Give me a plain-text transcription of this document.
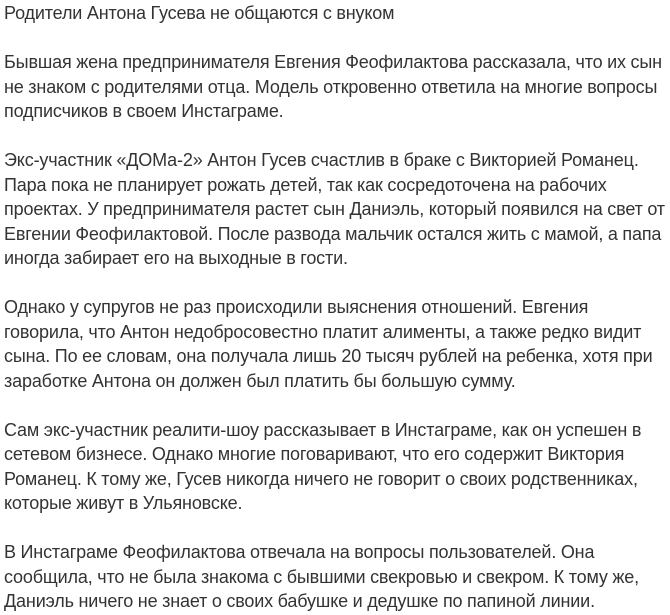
Родители Антона Гусева не общаются с внуком

Бывшая жена предпринимателя Евгения Феофилактова рассказала, что их сын не знаком с родителями отца. Модель откровенно ответила на многие вопросы подписчиков в своем Инстаграме.

Экс-участник «ДОМа-2» Антон Гусев счастлив в браке с Викторией Романец. Пара пока не планирует рожать детей, так как сосредоточена на рабочих проектах. У предпринимателя растет сын Даниэль, который появился на свет от Евгении Феофилактовой. После развода мальчик остался жить с мамой, а папа иногда забирает его на выходные в гости.

Однако у супругов не раз происходили выяснения отношений. Евгения говорила, что Антон недобросовестно платит алименты, а также редко видит сына. По ее словам, она получала лишь 20 тысяч рублей на ребенка, хотя при заработке Антона он должен был платить бы большую сумму.

Сам экс-участник реалити-шоу рассказывает в Инстаграме, как он успешен в сетевом бизнесе. Однако многие поговаривают, что его содержит Виктория Романец. К тому же, Гусев никогда ничего не говорит о своих родственниках, которые живут в Ульяновске.

В Инстаграме Феофилактова отвечала на вопросы пользователей. Она сообщила, что не была знакома с бывшими свекровью и свекром. К тому же, Даниэль ничего не знает о своих бабушке и дедушке по папиной линии.
